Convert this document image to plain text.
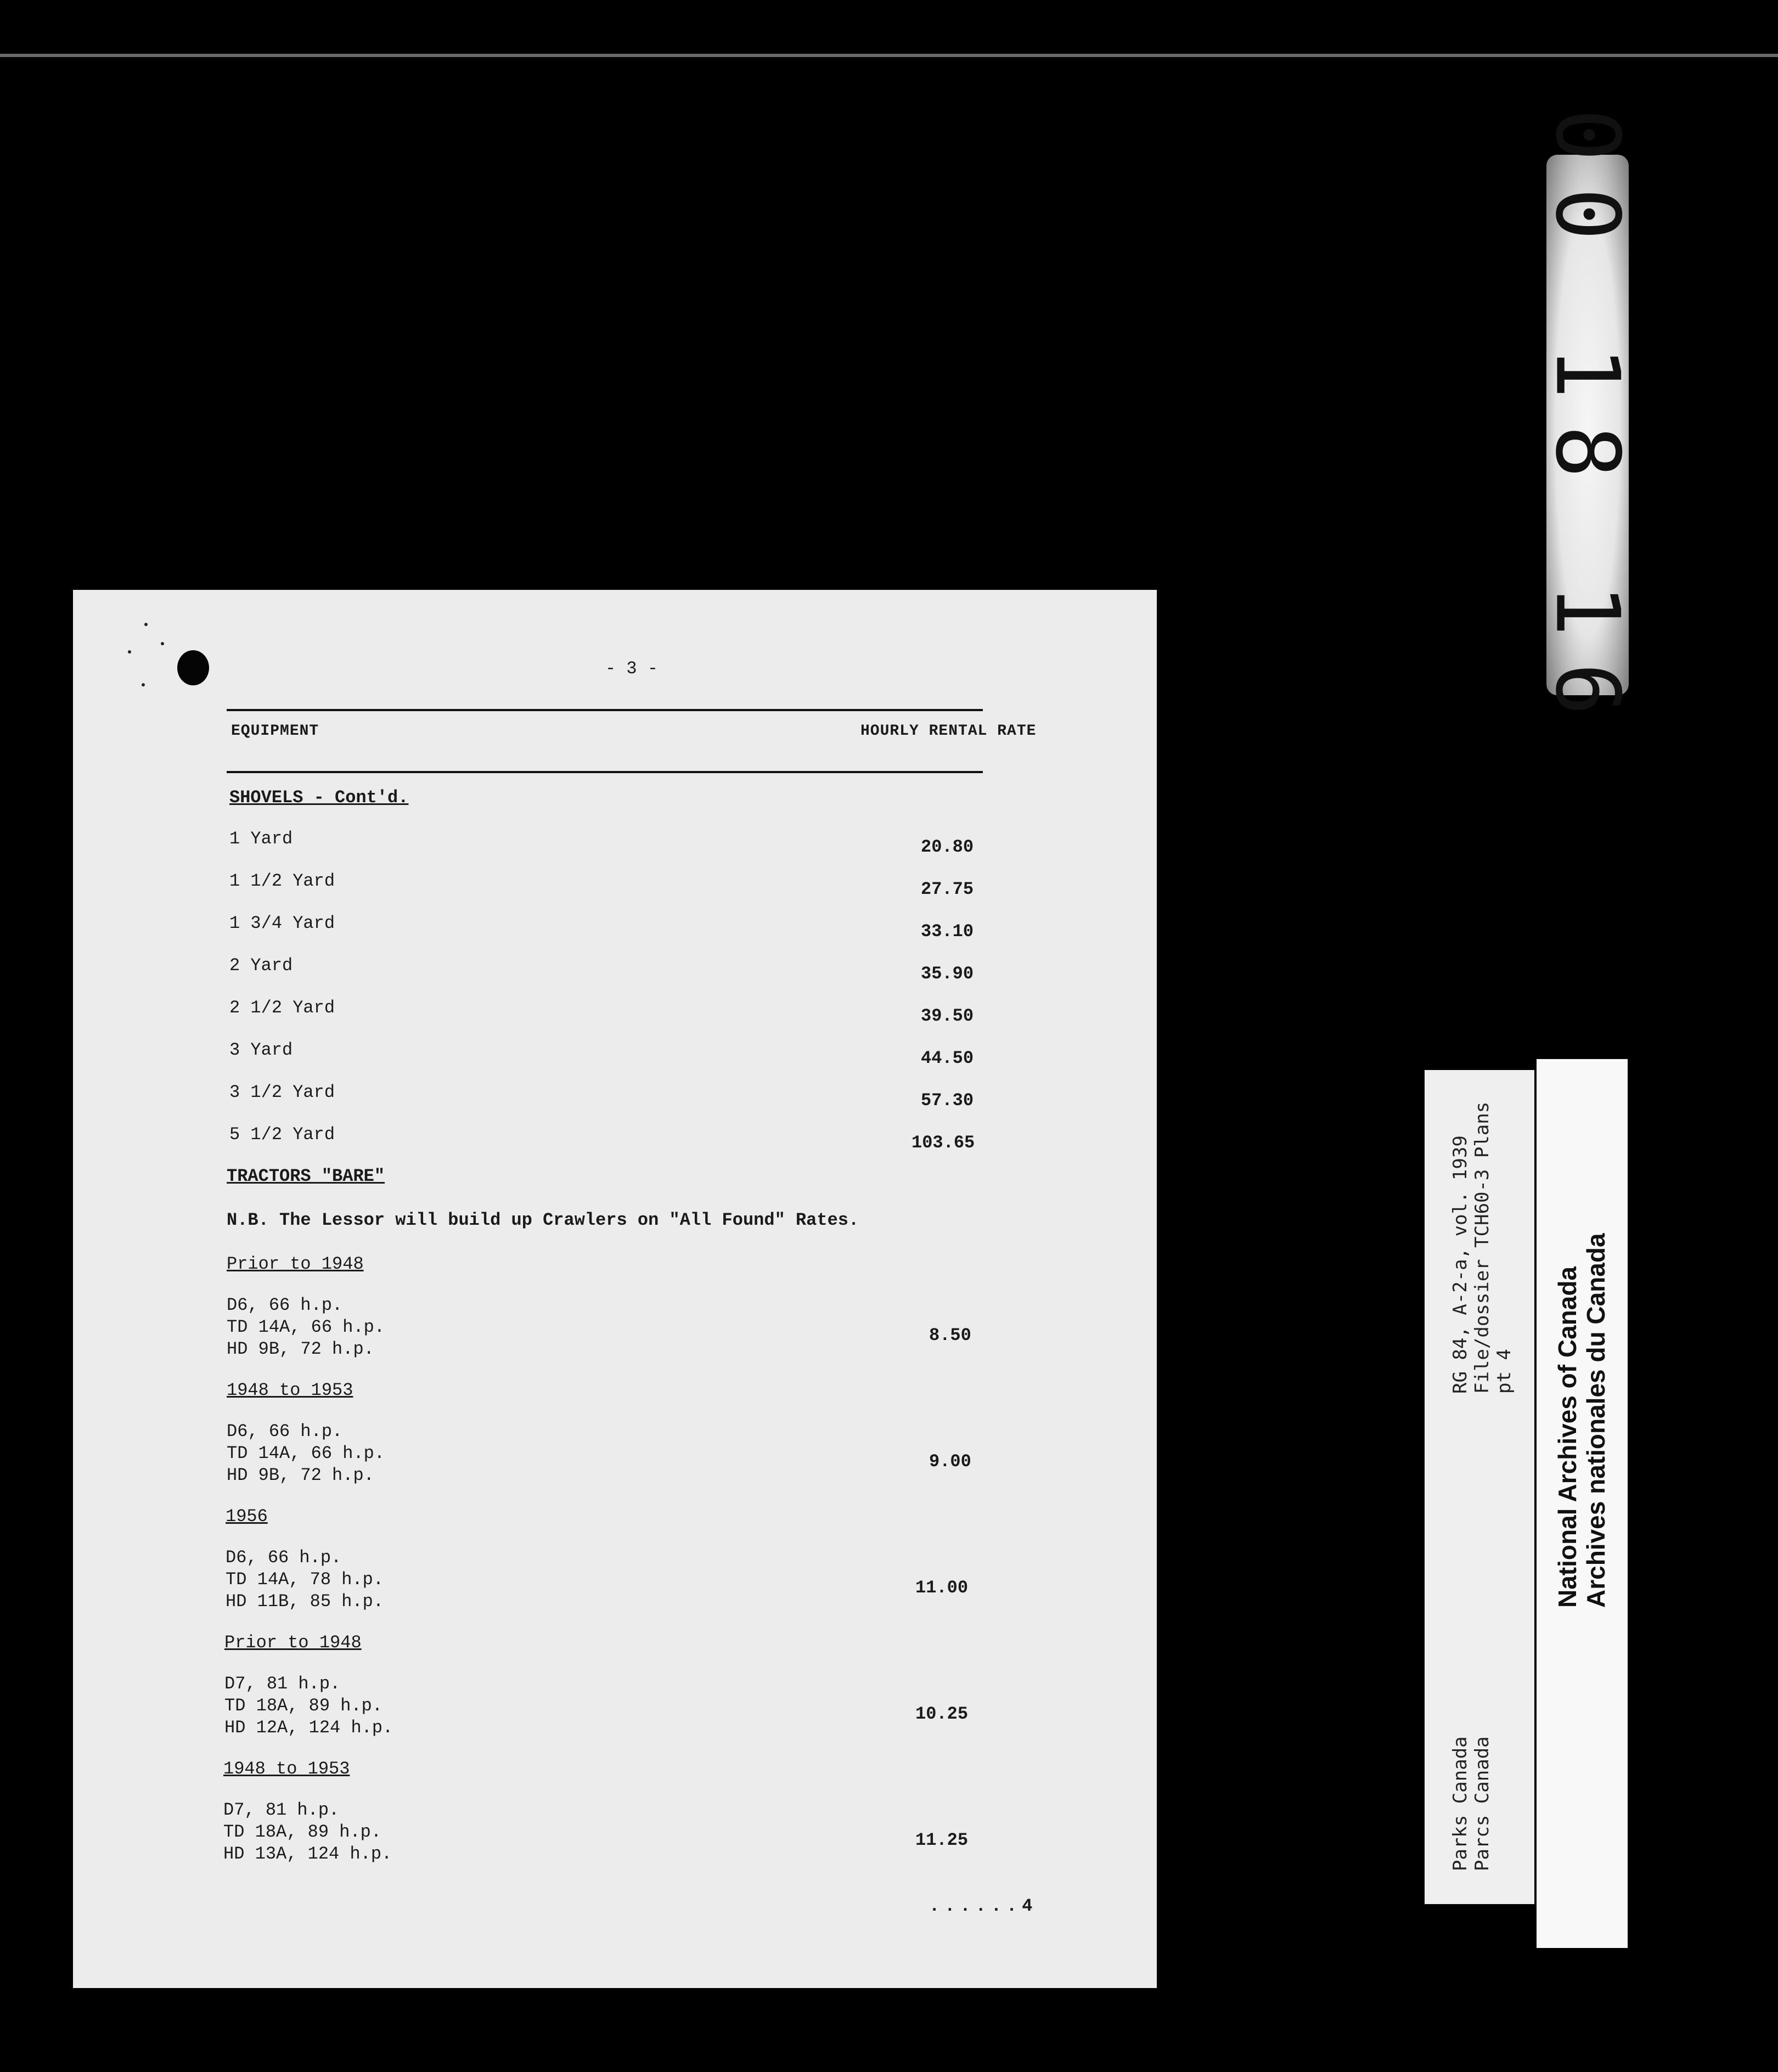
00 18 16
- 3 -
EQUIPMENT	HOURLY RENTAL RATE
SHOVELS - Cont'd.
1 Yard	20.80
1 1/2 Yard	27.75
1 3/4 Yard	33.10
2 Yard	35.90
2 1/2 Yard	39.50
3 Yard	44.50
3 1/2 Yard	57.30
5 1/2 Yard	103.65
TRACTORS "BARE"
N.B. The Lessor will build up Crawlers on "All Found" Rates.
Prior to 1948
D6, 66 h.p.
TD 14A, 66 h.p.
HD 9B, 72 h.p.
8.50
1948 to 1953
D6, 66 h.p.
TD 14A, 66 h.p.
HD 9B, 72 h.p.
9.00
1956
D6, 66 h.p.
TD 14A, 78 h.p.
HD 11B, 85 h.p.
11.00
Prior to 1948
D7, 81 h.p.
TD 18A, 89 h.p.
HD 12A, 124 h.p.
10.25
1948 to 1953
D7, 81 h.p.
TD 18A, 89 h.p.
HD 13A, 124 h.p.
11.25
......4
Parks Canada Parcs Canada
RG 84, A-2-a, vol. 1939 File/dossier TCH60-3 Plans pt 4 National Archives of Canada Archives nationales du Canada
